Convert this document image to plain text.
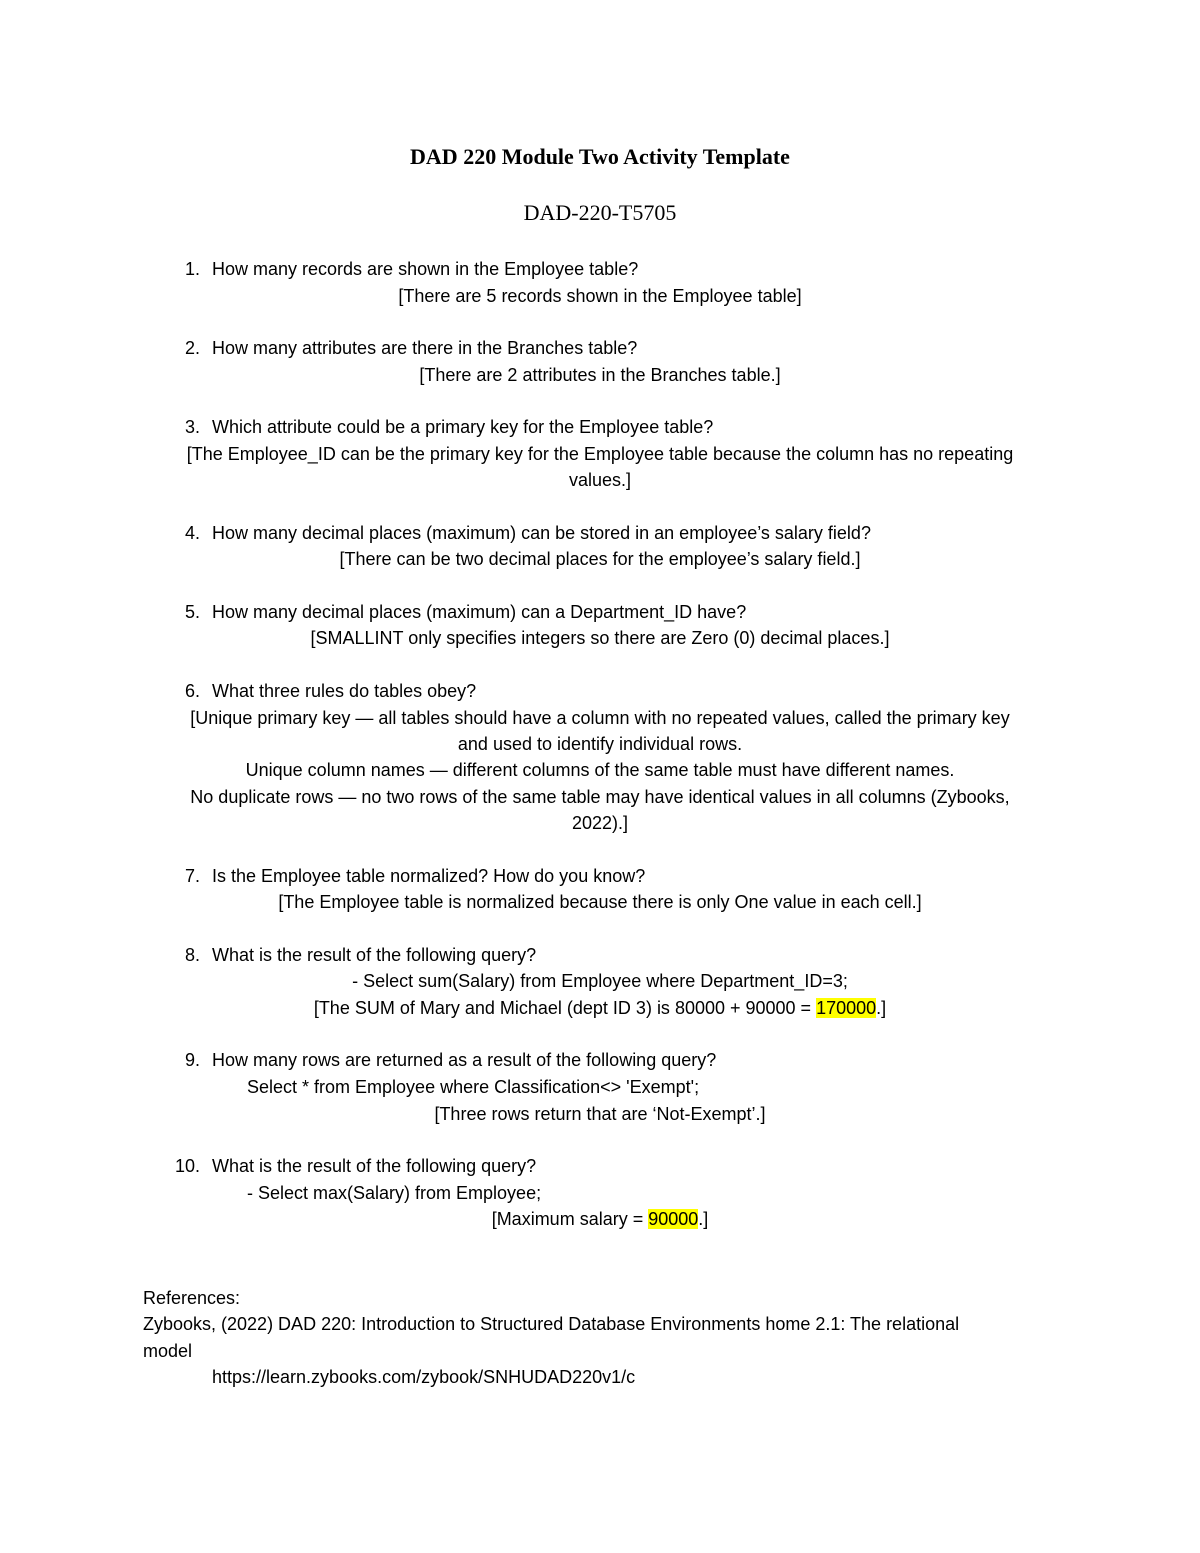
DAD 220 Module Two Activity Template
DAD-220-T5705
1. How many records are shown in the Employee table?
[There are 5 records shown in the Employee table]
2. How many attributes are there in the Branches table?
[There are 2 attributes in the Branches table.]
3. Which attribute could be a primary key for the Employee table?
[The Employee_ID can be the primary key for the Employee table because the column has no repeating
values.]
4. How many decimal places (maximum) can be stored in an employee’s salary field?
[There can be two decimal places for the employee’s salary field.]
5. How many decimal places (maximum) can a Department_ID have?
[SMALLINT only specifies integers so there are Zero (0) decimal places.]
6. What three rules do tables obey?
[Unique primary key — all tables should have a column with no repeated values, called the primary key
and used to identify individual rows.
Unique column names — different columns of the same table must have different names.
No duplicate rows — no two rows of the same table may have identical values in all columns (Zybooks,
2022).]
7. Is the Employee table normalized? How do you know?
[The Employee table is normalized because there is only One value in each cell.]
8. What is the result of the following query?
- Select sum(Salary) from Employee where Department_ID=3;
[The SUM of Mary and Michael (dept ID 3) is 80000 + 90000 = 170000.]
9. How many rows are returned as a result of the following query?
Select * from Employee where Classification<> 'Exempt';
[Three rows return that are ‘Not-Exempt’.]
10. What is the result of the following query?
- Select max(Salary) from Employee;
[Maximum salary = 90000.]
References:
Zybooks, (2022) DAD 220: Introduction to Structured Database Environments home 2.1: The relational
model
https://learn.zybooks.com/zybook/SNHUDAD220v1/c
